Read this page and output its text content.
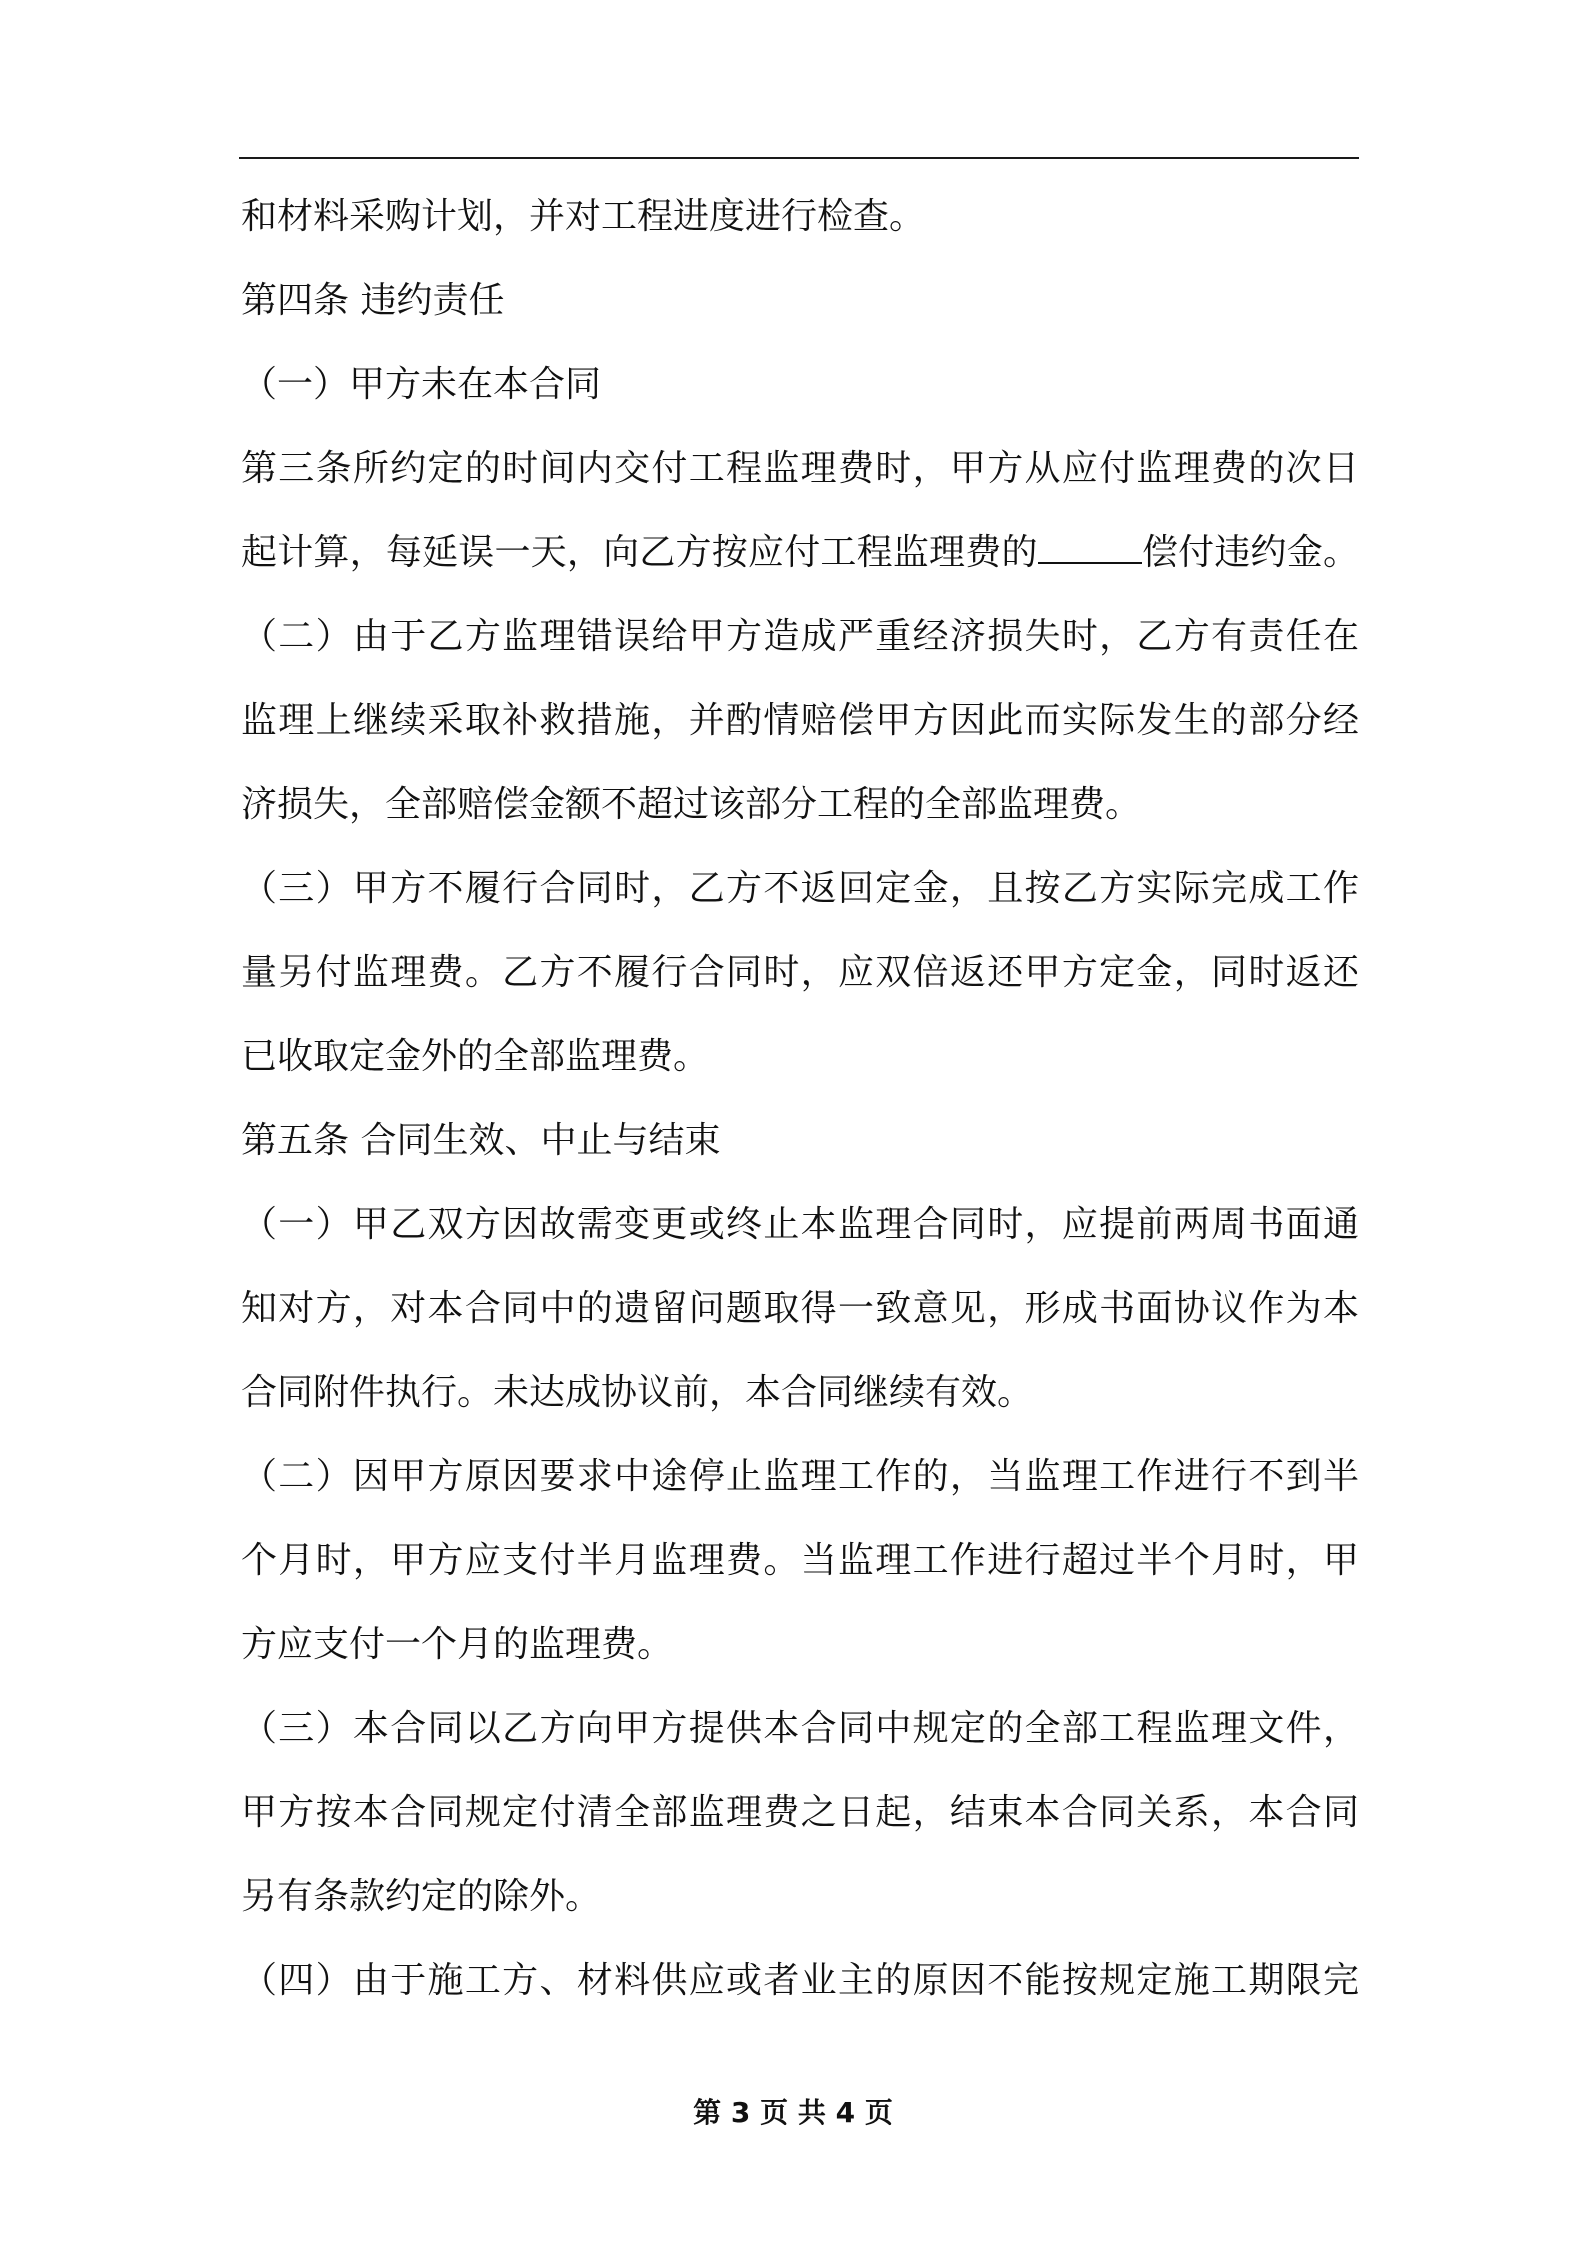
和材料采购计划，并对工程进度进行检查。
第四条 违约责任
（一）甲方未在本合同
第三条所约定的时间内交付工程监理费时，甲方从应付监理费的次日
起计算，每延误一天，向乙方按应付工程监理费的	偿付违约金。
（二）由于乙方监理错误给甲方造成严重经济损失时，乙方有责任在
监理上继续采取补救措施，并酌情赔偿甲方因此而实际发生的部分经
济损失，全部赔偿金额不超过该部分工程的全部监理费。
（三）甲方不履行合同时，乙方不返回定金，且按乙方实际完成工作
量另付监理费。乙方不履行合同时，应双倍返还甲方定金，同时返还
已收取定金外的全部监理费。
第五条 合同生效、中止与结束
（一）甲乙双方因故需变更或终止本监理合同时，应提前两周书面通
知对方，对本合同中的遗留问题取得一致意见，形成书面协议作为本
合同附件执行。未达成协议前，本合同继续有效。
（二）因甲方原因要求中途停止监理工作的，当监理工作进行不到半
个月时，甲方应支付半月监理费。当监理工作进行超过半个月时，甲
方应支付一个月的监理费。
（三）本合同以乙方向甲方提供本合同中规定的全部工程监理文件，
甲方按本合同规定付清全部监理费之日起，结束本合同关系，本合同
另有条款约定的除外。
（四）由于施工方、材料供应或者业主的原因不能按规定施工期限完
第 3 页 共 4 页
